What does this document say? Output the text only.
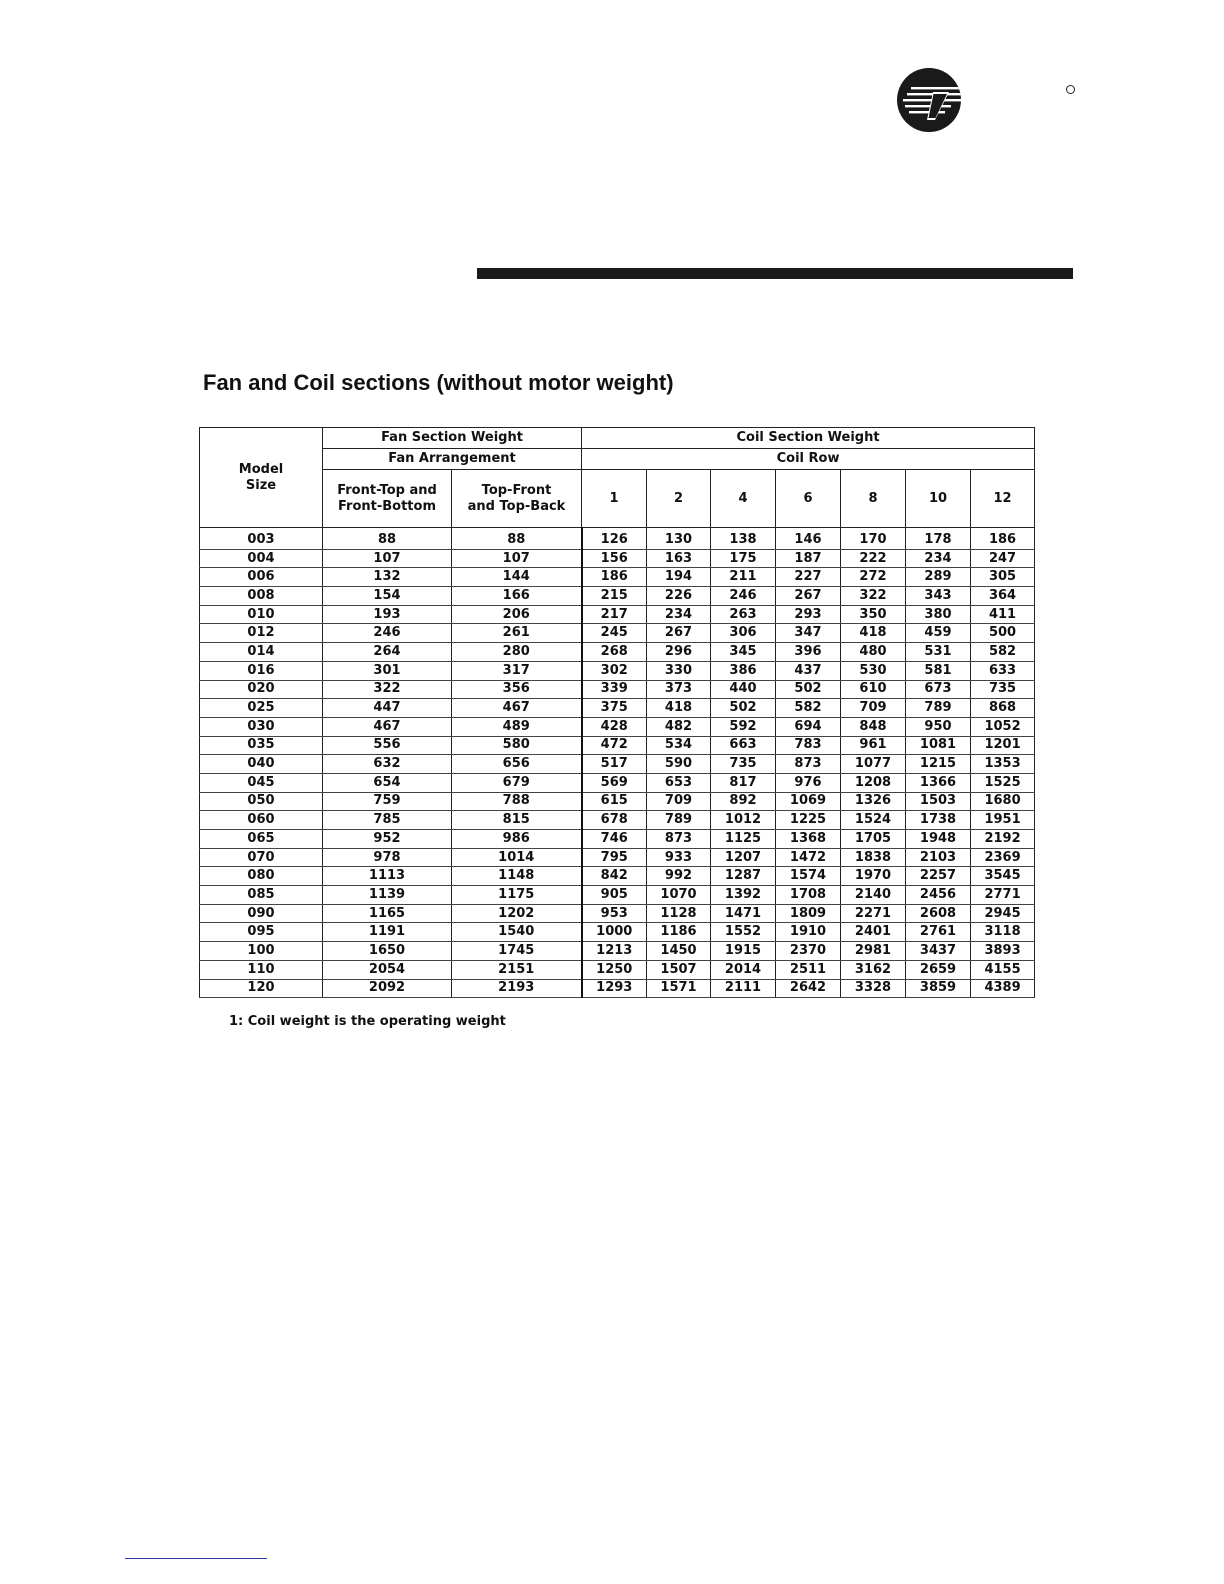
Fan and Coil sections (without motor weight)
Model Size	Fan Section Weight		Coil Section Weight						
	Fan Arrangement		Coil Row						
	Front-Top and Front-Bottom	Top-Front and Top-Back	1	2	4	6	8	10	12
003	88	88	126	130	138	146	170	178	186
004	107	107	156	163	175	187	222	234	247
006	132	144	186	194	211	227	272	289	305
008	154	166	215	226	246	267	322	343	364
010	193	206	217	234	263	293	350	380	411
012	246	261	245	267	306	347	418	459	500
014	264	280	268	296	345	396	480	531	582
016	301	317	302	330	386	437	530	581	633
020	322	356	339	373	440	502	610	673	735
025	447	467	375	418	502	582	709	789	868
030	467	489	428	482	592	694	848	950	1052
035	556	580	472	534	663	783	961	1081	1201
040	632	656	517	590	735	873	1077	1215	1353
045	654	679	569	653	817	976	1208	1366	1525
050	759	788	615	709	892	1069	1326	1503	1680
060	785	815	678	789	1012	1225	1524	1738	1951
065	952	986	746	873	1125	1368	1705	1948	2192
070	978	1014	795	933	1207	1472	1838	2103	2369
080	1113	1148	842	992	1287	1574	1970	2257	3545
085	1139	1175	905	1070	1392	1708	2140	2456	2771
090	1165	1202	953	1128	1471	1809	2271	2608	2945
095	1191	1540	1000	1186	1552	1910	2401	2761	3118
100	1650	1745	1213	1450	1915	2370	2981	3437	3893
110	2054	2151	1250	1507	2014	2511	3162	2659	4155
120	2092	2193	1293	1571	2111	2642	3328	3859	4389

1: Coil weight is the operating weight
